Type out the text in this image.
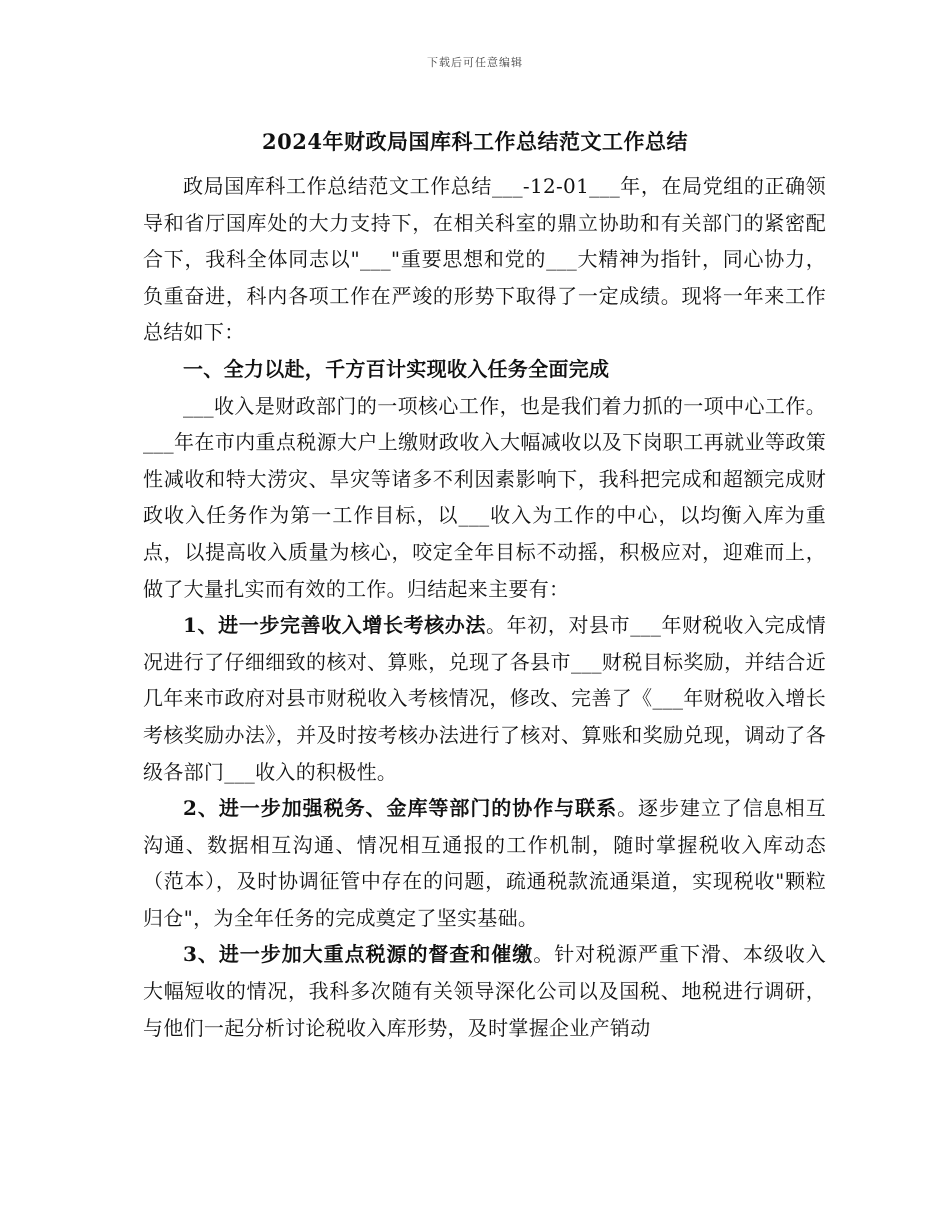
下载后可任意编辑
2024年财政局国库科工作总结范文工作总结

政局国库科工作总结范文工作总结___-12-01___年，在局党组的正确领导和省厅国库处的大力支持下，在相关科室的鼎立协助和有关部门的紧密配合下，我科全体同志以"___"重要思想和党的___大精神为指针，同心协力，负重奋进，科内各项工作在严竣的形势下取得了一定成绩。现将一年来工作总结如下：

一、全力以赴，千方百计实现收入任务全面完成

___收入是财政部门的一项核心工作，也是我们着力抓的一项中心工作。___年在市内重点税源大户上缴财政收入大幅减收以及下岗职工再就业等政策性减收和特大涝灾、旱灾等诸多不利因素影响下，我科把完成和超额完成财政收入任务作为第一工作目标，以___收入为工作的中心，以均衡入库为重点，以提高收入质量为核心，咬定全年目标不动摇，积极应对，迎难而上，做了大量扎实而有效的工作。归结起来主要有：

1、进一步完善收入增长考核办法。年初，对县市___年财税收入完成情况进行了仔细细致的核对、算账，兑现了各县市___财税目标奖励，并结合近几年来市政府对县市财税收入考核情况，修改、完善了《___年财税收入增长考核奖励办法》，并及时按考核办法进行了核对、算账和奖励兑现，调动了各级各部门___收入的积极性。

2、进一步加强税务、金库等部门的协作与联系。逐步建立了信息相互沟通、数据相互沟通、情况相互通报的工作机制，随时掌握税收入库动态（范本），及时协调征管中存在的问题，疏通税款流通渠道，实现税收"颗粒归仓"，为全年任务的完成奠定了坚实基础。

3、进一步加大重点税源的督查和催缴。针对税源严重下滑、本级收入大幅短收的情况，我科多次随有关领导深化公司以及国税、地税进行调研，与他们一起分析讨论税收入库形势，及时掌握企业产销动
